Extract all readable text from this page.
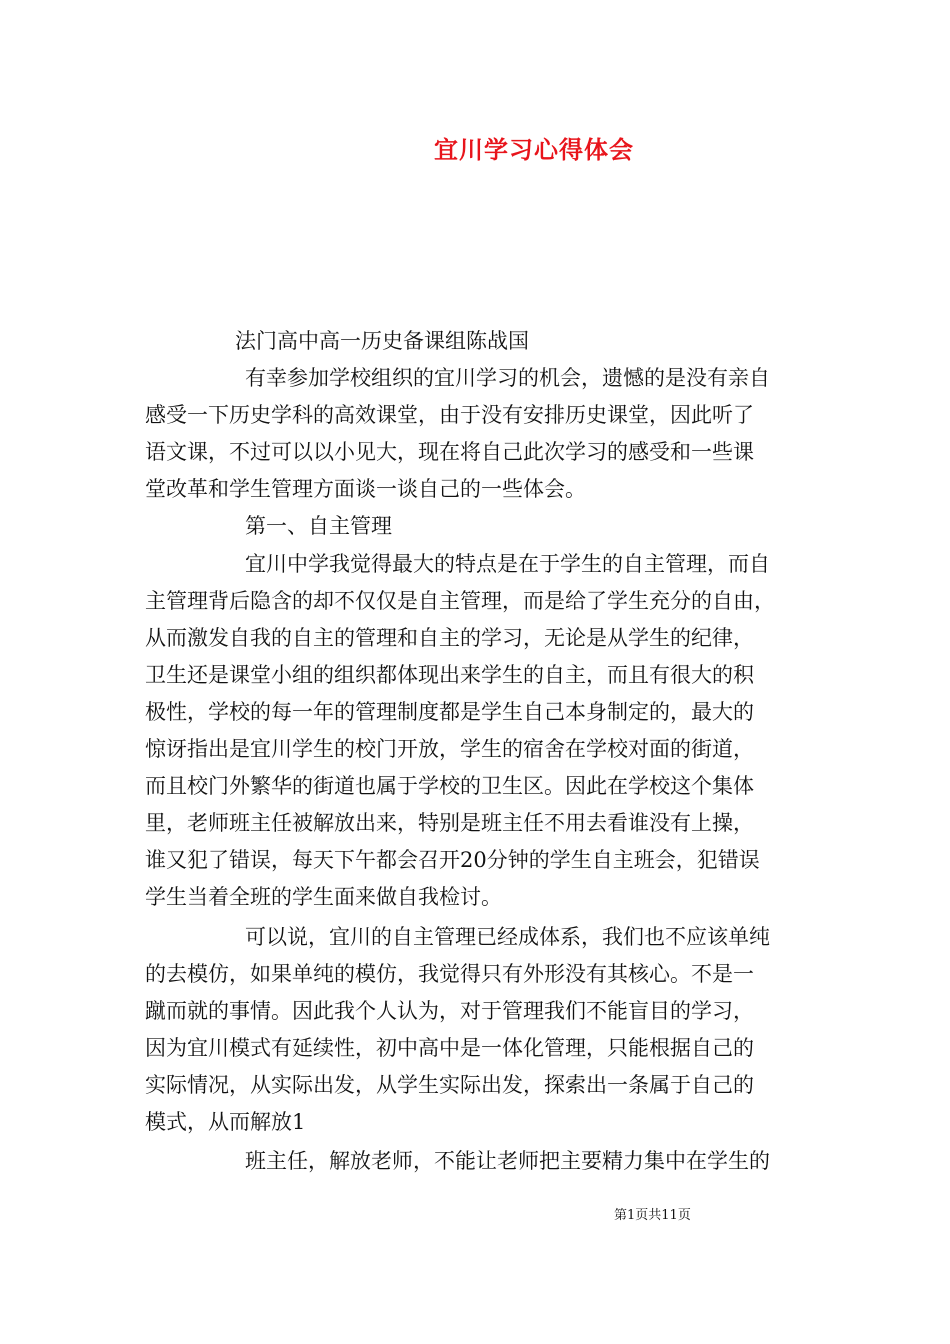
宜川学习心得体会
法门高中高一历史备课组陈战国
有幸参加学校组织的宜川学习的机会，遗憾的是没有亲自
感受一下历史学科的高效课堂，由于没有安排历史课堂，因此听了
语文课，不过可以以小见大，现在将自己此次学习的感受和一些课
堂改革和学生管理方面谈一谈自己的一些体会。
第一、自主管理
宜川中学我觉得最大的特点是在于学生的自主管理，而自
主管理背后隐含的却不仅仅是自主管理，而是给了学生充分的自由，
从而激发自我的自主的管理和自主的学习，无论是从学生的纪律，
卫生还是课堂小组的组织都体现出来学生的自主，而且有很大的积
极性，学校的每一年的管理制度都是学生自己本身制定的，最大的
惊讶指出是宜川学生的校门开放，学生的宿舍在学校对面的街道，
而且校门外繁华的街道也属于学校的卫生区。因此在学校这个集体
里，老师班主任被解放出来，特别是班主任不用去看谁没有上操，
谁又犯了错误，每天下午都会召开20分钟的学生自主班会，犯错误
学生当着全班的学生面来做自我检讨。
可以说，宜川的自主管理已经成体系，我们也不应该单纯
的去模仿，如果单纯的模仿，我觉得只有外形没有其核心。不是一
蹴而就的事情。因此我个人认为，对于管理我们不能盲目的学习，
因为宜川模式有延续性，初中高中是一体化管理，只能根据自己的
实际情况，从实际出发，从学生实际出发，探索出一条属于自己的
模式，从而解放1
班主任，解放老师，不能让老师把主要精力集中在学生的
第1页共11页
